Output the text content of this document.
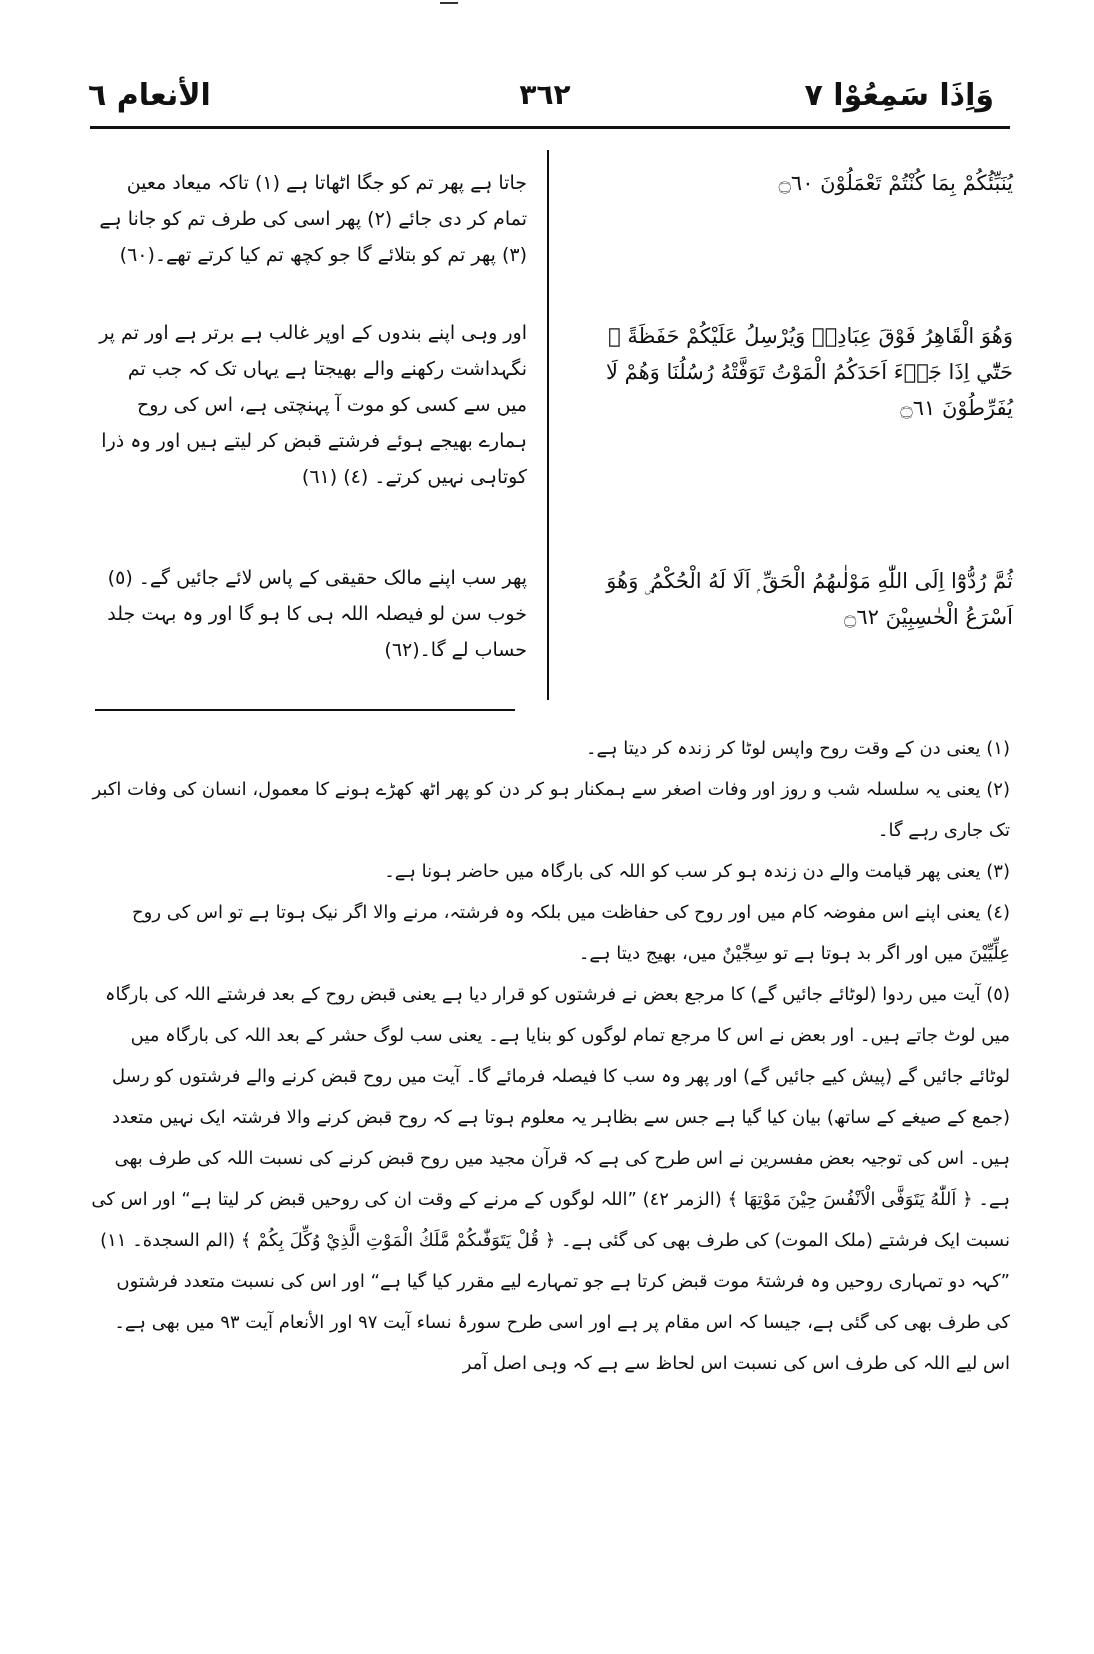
الأنعام ٦	٣٦٢	وَاِذَا سَمِعُوْا ٧
يُنَبِّئُكُمْ بِمَا كُنْتُمْ تَعْمَلُوْنَ ۝٦٠
وَهُوَ الْقَاهِرُ فَوْقَ عِبَادِهٖ وَيُرْسِلُ عَلَيْكُمْ حَفَظَةً ۭ حَتّٰٓي اِذَا جَاۗءَ اَحَدَكُمُ الْمَوْتُ تَوَفَّتْهُ رُسُلُنَا وَهُمْ لَا يُفَرِّطُوْنَ ۝٦١
ثُمَّ رُدُّوْٓا اِلَى اللّٰهِ مَوْلٰىهُمُ الْحَقِّ ۭ اَلَا لَهُ الْحُكْمُ ۣ وَهُوَ اَسْرَعُ الْحٰسِبِيْنَ ۝٦٢
جاتا ہے پھر تم کو جگا اٹھاتا ہے (١) تاکہ میعاد معین تمام کر دی جائے (٢) پھر اسی کی طرف تم کو جانا ہے (٣) پھر تم کو بتلائے گا جو کچھ تم کیا کرتے تھے۔(٦٠)
اور وہی اپنے بندوں کے اوپر غالب ہے برتر ہے اور تم پر نگہداشت رکھنے والے بھیجتا ہے یہاں تک کہ جب تم میں سے کسی کو موت آ پہنچتی ہے، اس کی روح ہمارے بھیجے ہوئے فرشتے قبض کر لیتے ہیں اور وہ ذرا کوتاہی نہیں کرتے۔ (٤) (٦١)
پھر سب اپنے مالک حقیقی کے پاس لائے جائیں گے۔ (٥) خوب سن لو فیصلہ اللہ ہی کا ہو گا اور وہ بہت جلد حساب لے گا۔(٦٢)

(١) یعنی دن کے وقت روح واپس لوٹا کر زندہ کر دیتا ہے۔

(٢) یعنی یہ سلسلہ شب و روز اور وفات اصغر سے ہمکنار ہو کر دن کو پھر اٹھ کھڑے ہونے کا معمول، انسان کی وفات اکبر تک جاری رہے گا۔

(٣) یعنی پھر قیامت والے دن زندہ ہو کر سب کو اللہ کی بارگاہ میں حاضر ہونا ہے۔

(٤) یعنی اپنے اس مفوضہ کام میں اور روح کی حفاظت میں بلکہ وہ فرشتہ، مرنے والا اگر نیک ہوتا ہے تو اس کی روح عِلِّیِّیْنَ میں اور اگر بد ہوتا ہے تو سِجِّیْنٌ میں، بھیج دیتا ہے۔

(٥) آیت میں ردوا (لوٹائے جائیں گے) کا مرجع بعض نے فرشتوں کو قرار دیا ہے یعنی قبض روح کے بعد فرشتے اللہ کی بارگاہ میں لوٹ جاتے ہیں۔ اور بعض نے اس کا مرجع تمام لوگوں کو بنایا ہے۔ یعنی سب لوگ حشر کے بعد اللہ کی بارگاہ میں لوٹائے جائیں گے (پیش کیے جائیں گے) اور پھر وہ سب کا فیصلہ فرمائے گا۔ آیت میں روح قبض کرنے والے فرشتوں کو رسل (جمع کے صیغے کے ساتھ) بیان کیا گیا ہے جس سے بظاہر یہ معلوم ہوتا ہے کہ روح قبض کرنے والا فرشتہ ایک نہیں متعدد ہیں۔ اس کی توجیہ بعض مفسرین نے اس طرح کی ہے کہ قرآن مجید میں روح قبض کرنے کی نسبت اللہ کی طرف بھی ہے۔ ﴿ اَللّٰهُ يَتَوَفَّى الْاَنْفُسَ حِيْنَ مَوْتِهَا ﴾ (الزمر ٤٢) ”اللہ لوگوں کے مرنے کے وقت ان کی روحیں قبض کر لیتا ہے“ اور اس کی نسبت ایک فرشتے (ملک الموت) کی طرف بھی کی گئی ہے۔ ﴿ قُلْ يَتَوَفّٰىكُمْ مَّلَكُ الْمَوْتِ الَّذِيْ وُكِّلَ بِكُمْ ﴾ (الم السجدة۔ ١١) ”کہہ دو تمہاری روحیں وہ فرشتۂ موت قبض کرتا ہے جو تمہارے لیے مقرر کیا گیا ہے“ اور اس کی نسبت متعدد فرشتوں کی طرف بھی کی گئی ہے، جیسا کہ اس مقام پر ہے اور اسی طرح سورۂ نساء آیت ٩٧ اور الأنعام آیت ٩٣ میں بھی ہے۔ اس لیے اللہ کی طرف اس کی نسبت اس لحاظ سے ہے کہ وہی اصل آمر
